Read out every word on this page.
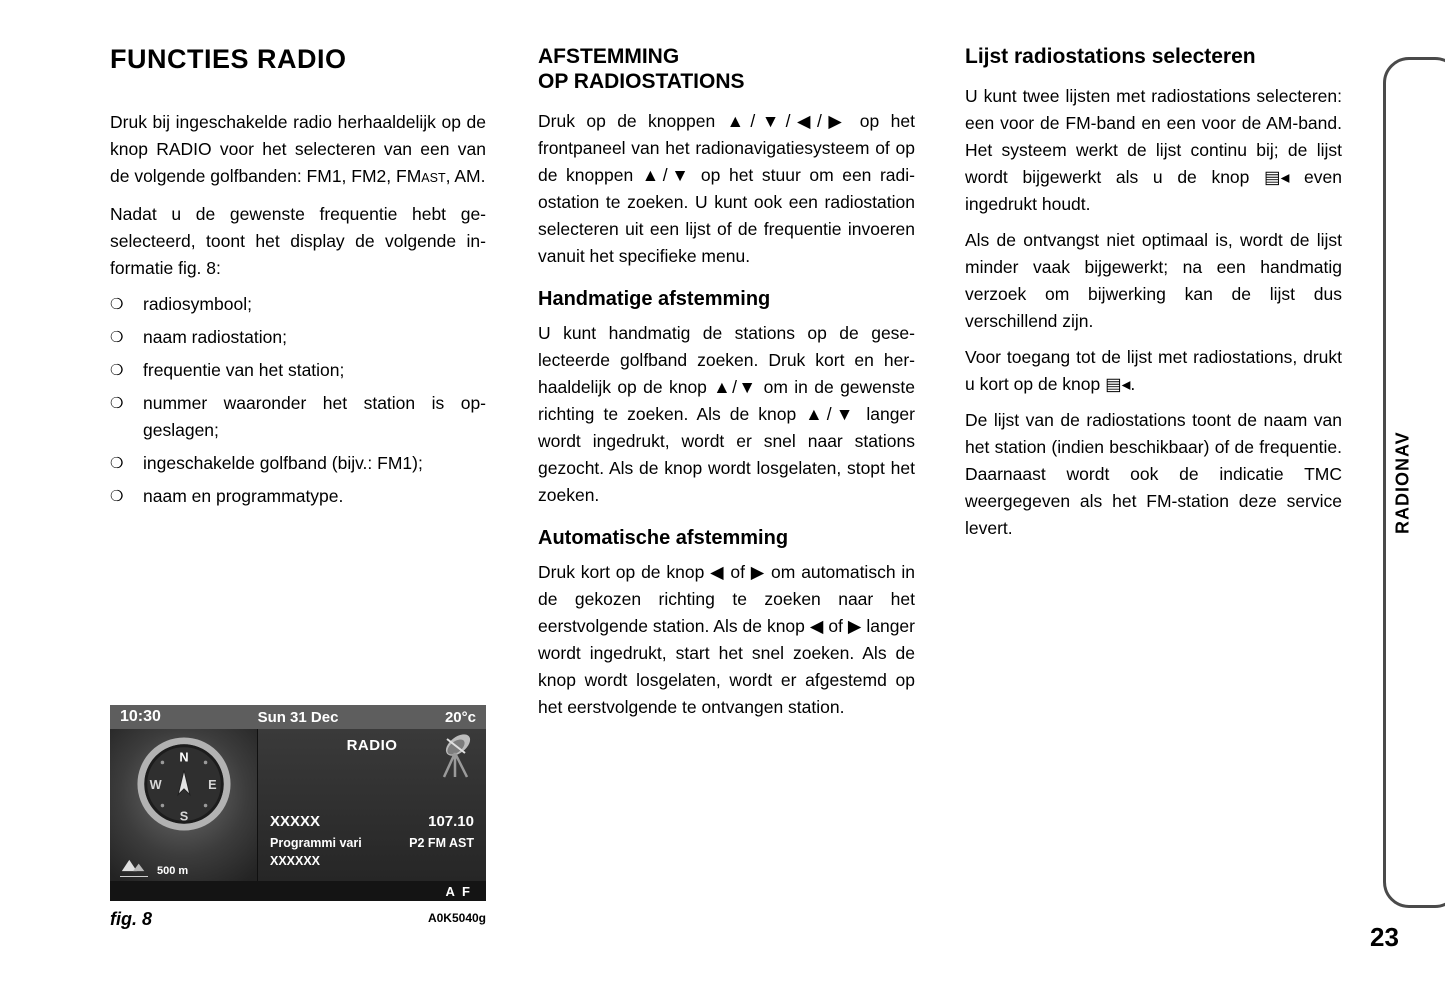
FUNCTIES RADIO

Druk bij ingeschakelde radio herhaaldelijk op de knop RADIO voor het selecteren van een van de volgende golfbanden: FM1, FM2, FMAST, AM.

Nadat u de gewenste frequentie hebt geselecteerd, toont het display de volgende informatie fig. 8:

❍	radiosymbool;
❍	naam radiostation;
❍	frequentie van het station;
❍	nummer waaronder het station is opgeslagen;
❍	ingeschakelde golfband (bijv.: FM1);
❍	naam en programmatype.
AFSTEMMING
OP RADIOSTATIONS

Druk op de knoppen ▲/▼/◀/▶ op het frontpaneel van het radionavigatiesysteem of op de knoppen ▲/▼ op het stuur om een radiostation te zoeken. U kunt ook een radiostation selecteren uit een lijst of de frequentie invoeren vanuit het specifieke menu.

Handmatige afstemming

U kunt handmatig de stations op de geselecteerde golfband zoeken. Druk kort en herhaaldelijk op de knop ▲/▼ om in de gewenste richting te zoeken. Als de knop ▲/▼ langer wordt ingedrukt, wordt er snel naar stations gezocht. Als de knop wordt losgelaten, stopt het zoeken.

Automatische afstemming

Druk kort op de knop ◀ of ▶ om automatisch in de gekozen richting te zoeken naar het eerstvolgende station. Als de knop ◀ of ▶ langer wordt ingedrukt, start het snel zoeken. Als de knop wordt losgelaten, wordt er afgestemd op het eerstvolgende te ontvangen station.

Lijst radiostations selecteren

U kunt twee lijsten met radiostations selecteren: een voor de FM-band en een voor de AM-band. Het systeem werkt de lijst continu bij; de lijst wordt bijgewerkt als u de knop ▤◂ even ingedrukt houdt.

Als de ontvangst niet optimaal is, wordt de lijst minder vaak bijgewerkt; na een handmatig verzoek om bijwerking kan de lijst dus verschillend zijn.

Voor toegang tot de lijst met radiostations, drukt u kort op de knop ▤◂.

De lijst van de radiostations toont de naam van het station (indien beschikbaar) of de frequentie. Daarnaast wordt ook de indicatie TMC weergegeven als het FM-station deze service levert.

10:30	Sun 31 Dec	20°c
N
E
S
W
500 m
RADIO
XXXXX	107.10
Programmi vari	P2 FM AST
XXXXXX
A F
fig. 8	A0K5040g
RADIONAV
23
